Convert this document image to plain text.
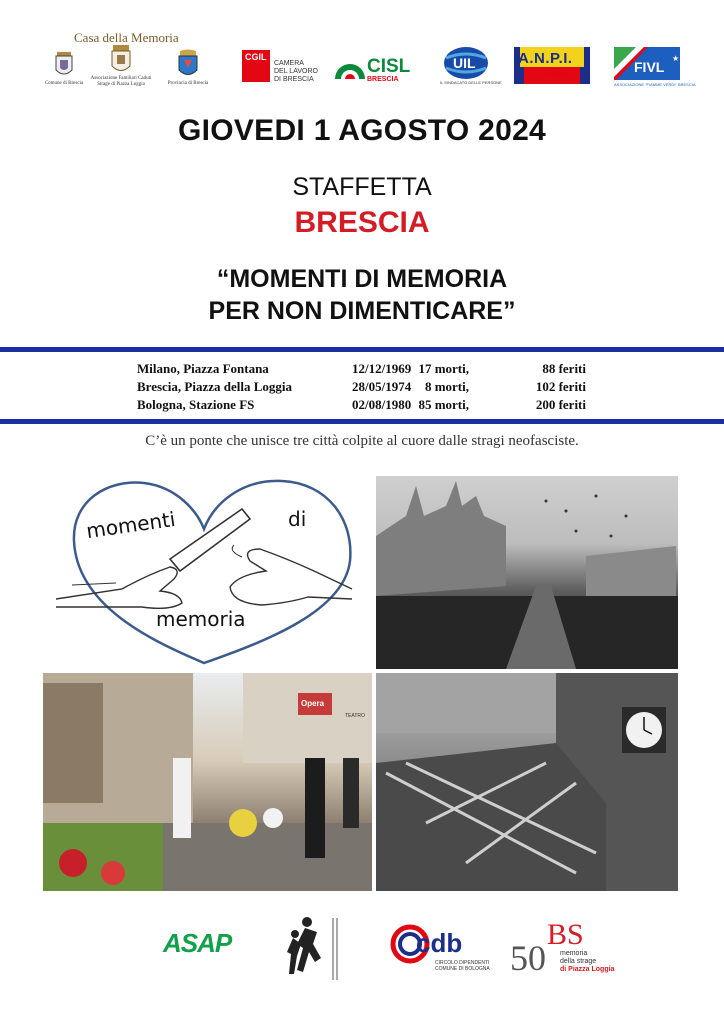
Casa della Memoria
Comune di Brescia
Associazione Familiari Caduti
Strage di Piazza Loggia	Provincia di Brescia
CGIL
CAMERA
DEL LAVORO
DI BRESCIA
CISL
BRESCIA
UIL
IL SINDACATO DELLE PERSONE
A.N.P.I.
Brescia
★
FIVL
ASSOCIAZIONE "FIAMME VERDI" BRESCIA
GIOVEDI 1 AGOSTO 2024
STAFFETTA
BRESCIA
“MOMENTI DI MEMORIA
PER NON DIMENTICARE”
Milano, Piazza Fontana	12/12/1969 17 morti,	88 feriti
Brescia, Piazza della Loggia	28/05/1974 8 morti,	102 feriti
Bologna, Stazione FS	02/08/1980 85 morti,	200 feriti
C’è un ponte che unisce tre città colpite al cuore dalle stragi neofasciste.
momenti	di
memoria
Opera
TEATRO
ASAP	cdb
CIRCOLO DIPENDENTI
COMUNE DI BOLOGNA 50
BS
memoria
della strage
di Piazza Loggia
